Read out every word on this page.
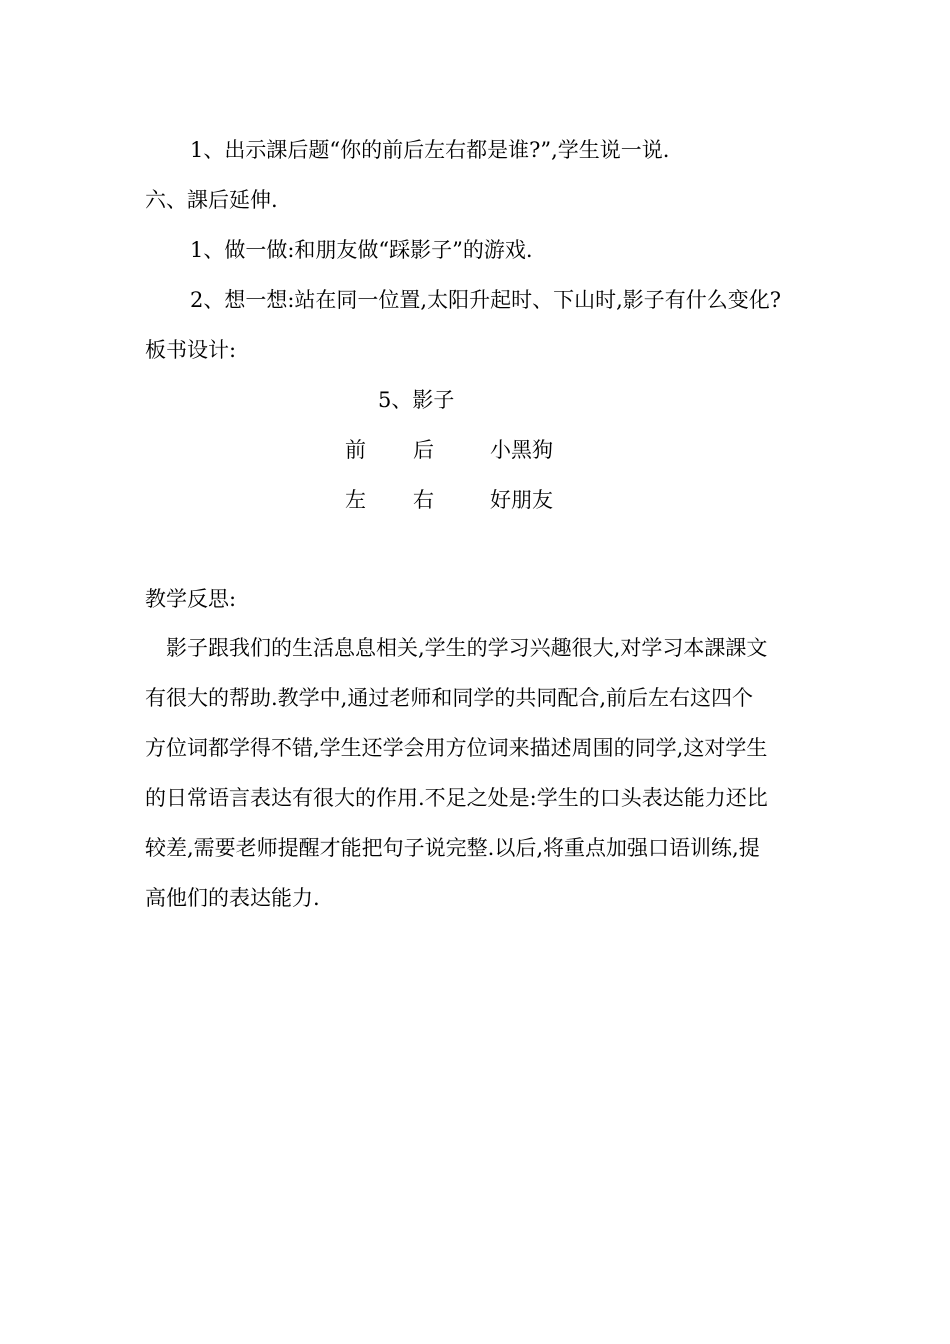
1、出示課后题“你的前后左右都是谁?”,学生说一说.
六、課后延伸.
1、做一做:和朋友做“踩影子”的游戏.
2、想一想:站在同一位置,太阳升起时、下山时,影子有什么变化?
板书设计:
5、影子
前 后	小黑狗
左 右	好朋友
教学反思:
影子跟我们的生活息息相关,学生的学习兴趣很大,对学习本課課文
有很大的帮助.教学中,通过老师和同学的共同配合,前后左右这四个
方位词都学得不错,学生还学会用方位词来描述周围的同学,这对学生
的日常语言表达有很大的作用.不足之处是:学生的口头表达能力还比
较差,需要老师提醒才能把句子说完整.以后,将重点加强口语训练,提
高他们的表达能力.
